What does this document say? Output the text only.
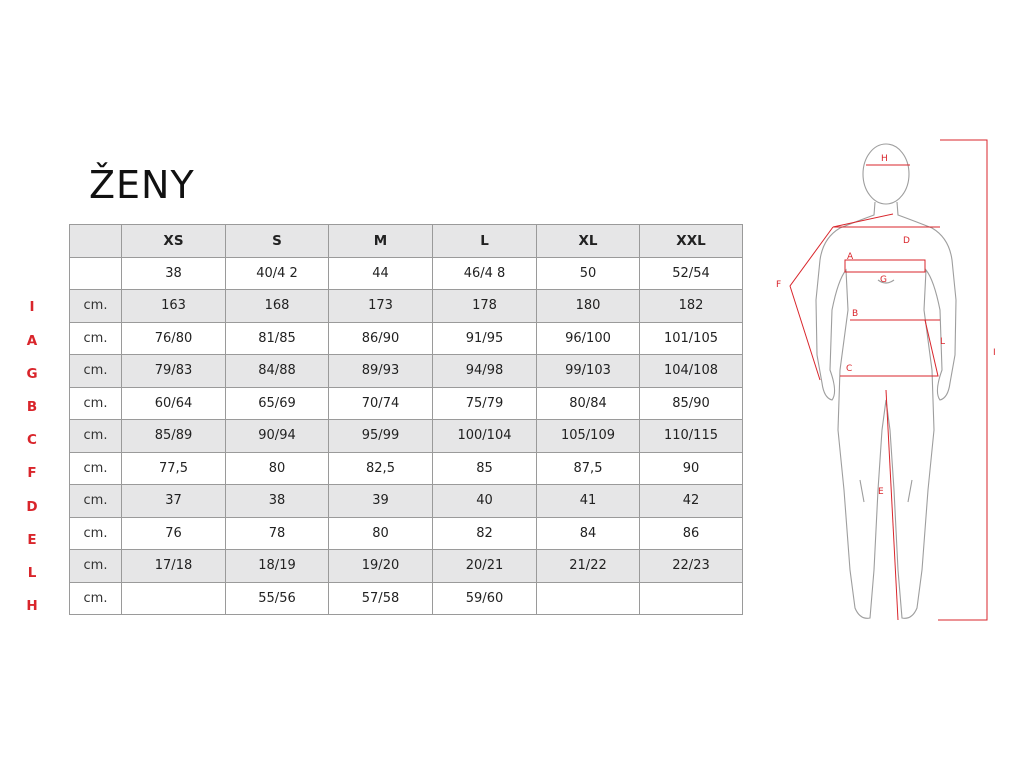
ŽENY
	XS	S	M	L	XL	XXL
	38	40/4 2	44	46/4 8	50	52/54
cm.	163	168	173	178	180	182
cm.	76/80	81/85	86/90	91/95	96/100	101/105
cm.	79/83	84/88	89/93	94/98	99/103	104/108
cm.	60/64	65/69	70/74	75/79	80/84	85/90
cm.	85/89	90/94	95/99	100/104	105/109	110/115
cm.	77,5	80	82,5	85	87,5	90
cm.	37	38	39	40	41	42
cm.	76	78	80	82	84	86
cm.	17/18	18/19	19/20	20/21	21/22	22/23
cm.		55/56	57/58	59/60		
I
A
G
B
C
F
D
E
L
H
H
D
A
G
F
B
L
C
E
I
